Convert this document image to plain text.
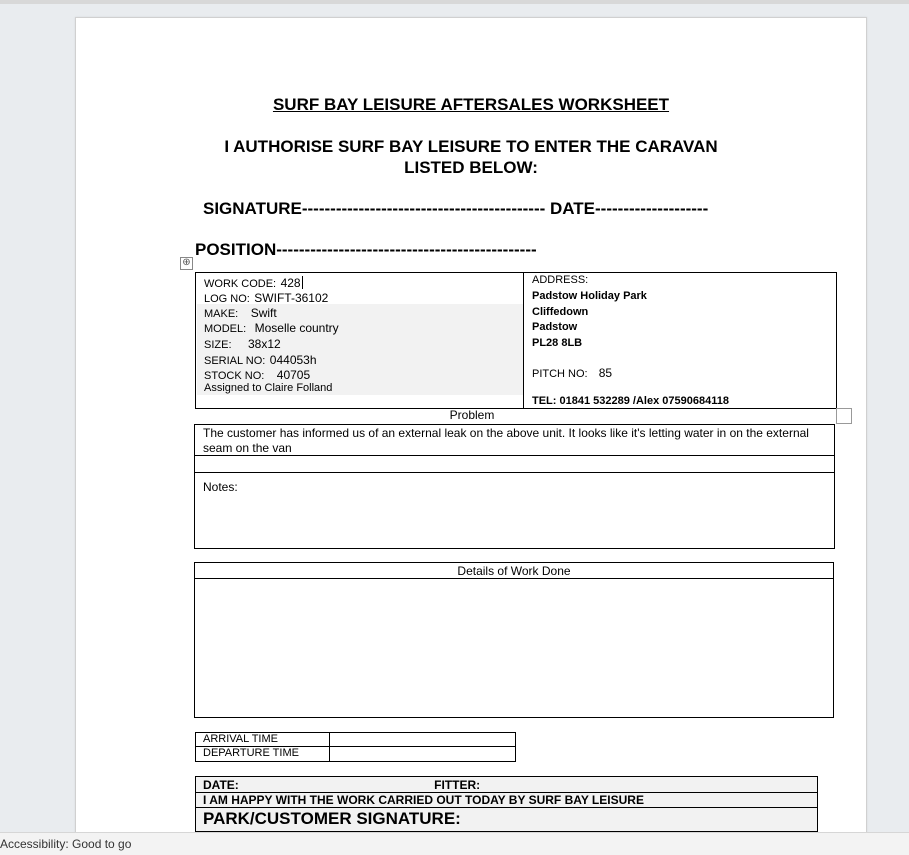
SURF BAY LEISURE AFTERSALES WORKSHEET
I AUTHORISE SURF BAY LEISURE TO ENTER THE CARAVAN
LISTED BELOW:
SIGNATURE------------------------------------------- DATE--------------------
POSITION----------------------------------------------
⊕
WORK CODE: 428
LOG NO: SWIFT-36102
MAKE: Swift
MODEL: Moselle country
SIZE: 38x12
SERIAL NO: 044053h
STOCK NO: 40705
Assigned to Claire Folland
ADDRESS:
Padstow Holiday Park
Cliffedown
Padstow
PL28 8LB
PITCH NO: 85
TEL: 01841 532289 /Alex 07590684118
Problem
The customer has informed us of an external leak on the above unit. It looks like it's letting water in on the external seam on the van
Notes:
Details of Work Done
ARRIVAL TIME
DEPARTURE TIME
DATE:	FITTER:
I AM HAPPY WITH THE WORK CARRIED OUT TODAY BY SURF BAY LEISURE
PARK/CUSTOMER SIGNATURE:
Accessibility: Good to go
